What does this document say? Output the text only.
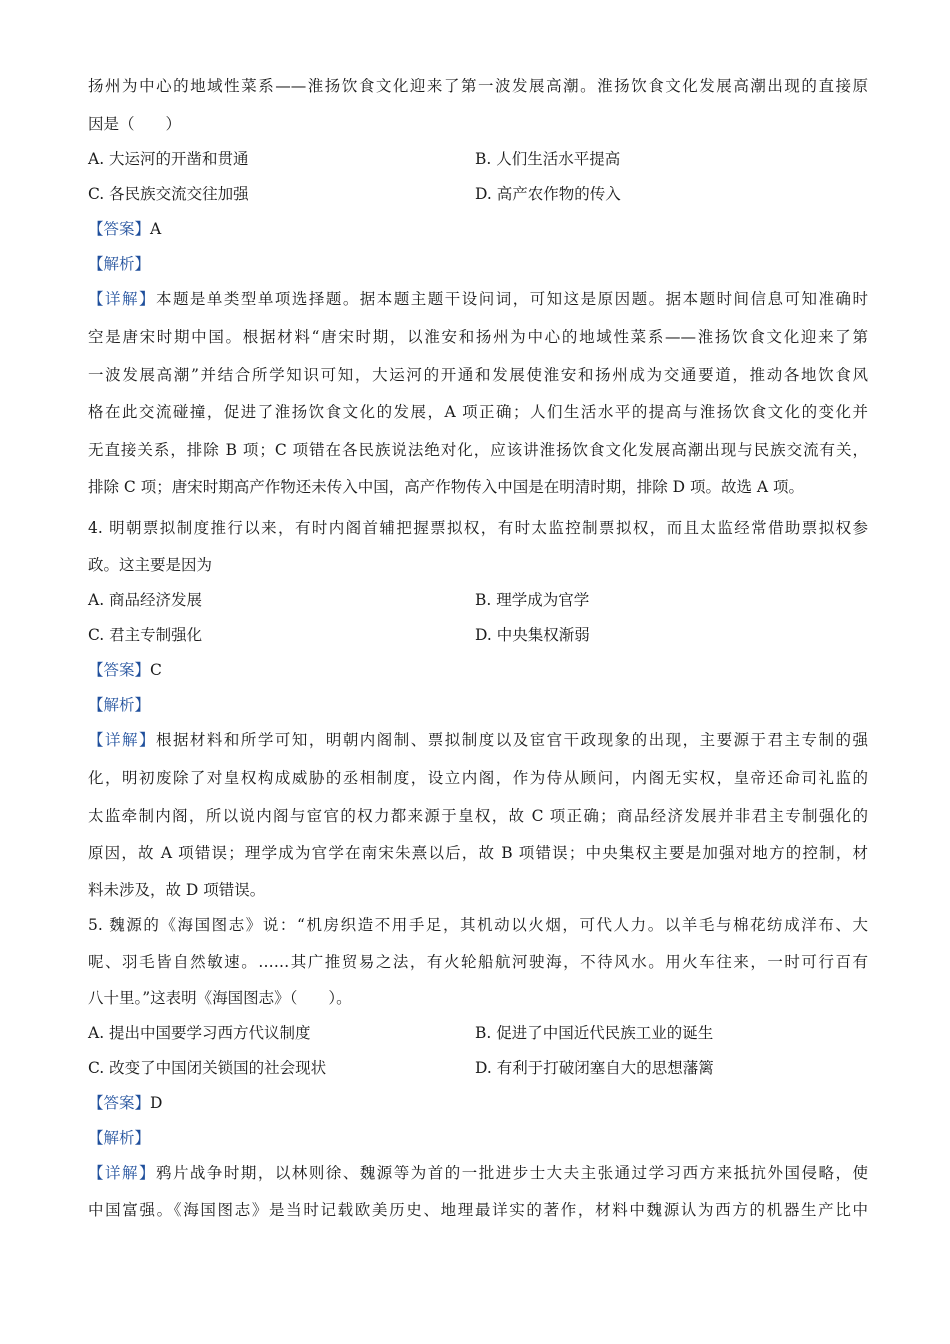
扬州为中心的地域性菜系——淮扬饮食文化迎来了第一波发展高潮。淮扬饮食文化发展高潮出现的直接原
因是（　　）
A. 大运河的开凿和贯通	B. 人们生活水平提高
C. 各民族交流交往加强	D. 高产农作物的传入
【答案】A
【解析】
【详解】本题是单类型单项选择题。据本题主题干设问词，可知这是原因题。据本题时间信息可知准确时
空是唐宋时期中国。根据材料“唐宋时期，以淮安和扬州为中心的地域性菜系——淮扬饮食文化迎来了第
一波发展高潮”并结合所学知识可知，大运河的开通和发展使淮安和扬州成为交通要道，推动各地饮食风
格在此交流碰撞，促进了淮扬饮食文化的发展，A 项正确；人们生活水平的提高与淮扬饮食文化的变化并
无直接关系，排除 B 项；C 项错在各民族说法绝对化，应该讲淮扬饮食文化发展高潮出现与民族交流有关，
排除 C 项；唐宋时期高产作物还未传入中国，高产作物传入中国是在明清时期，排除 D 项。故选 A 项。
4. 明朝票拟制度推行以来，有时内阁首辅把握票拟权，有时太监控制票拟权，而且太监经常借助票拟权参
政。这主要是因为
A. 商品经济发展	B. 理学成为官学
C. 君主专制强化	D. 中央集权渐弱
【答案】C
【解析】
【详解】根据材料和所学可知，明朝内阁制、票拟制度以及宦官干政现象的出现，主要源于君主专制的强
化，明初废除了对皇权构成威胁的丞相制度，设立内阁，作为侍从顾问，内阁无实权，皇帝还命司礼监的
太监牵制内阁，所以说内阁与宦官的权力都来源于皇权，故 C 项正确；商品经济发展并非君主专制强化的
原因，故 A 项错误；理学成为官学在南宋朱熹以后，故 B 项错误；中央集权主要是加强对地方的控制，材
料未涉及，故 D 项错误。
5. 魏源的《海国图志》说：“机房织造不用手足，其机动以火烟，可代人力。以羊毛与棉花纺成洋布、大
呢、羽毛皆自然敏速。……其广推贸易之法，有火轮船航河驶海，不待风水。用火车往来，一时可行百有
八十里。”这表明《海国图志》（　　）。
A. 提出中国要学习西方代议制度	B. 促进了中国近代民族工业的诞生
C. 改变了中国闭关锁国的社会现状	D. 有利于打破闭塞自大的思想藩篱
【答案】D
【解析】
【详解】鸦片战争时期，以林则徐、魏源等为首的一批进步士大夫主张通过学习西方来抵抗外国侵略，使
中国富强。《海国图志》是当时记载欧美历史、地理最详实的著作，材料中魏源认为西方的机器生产比中
